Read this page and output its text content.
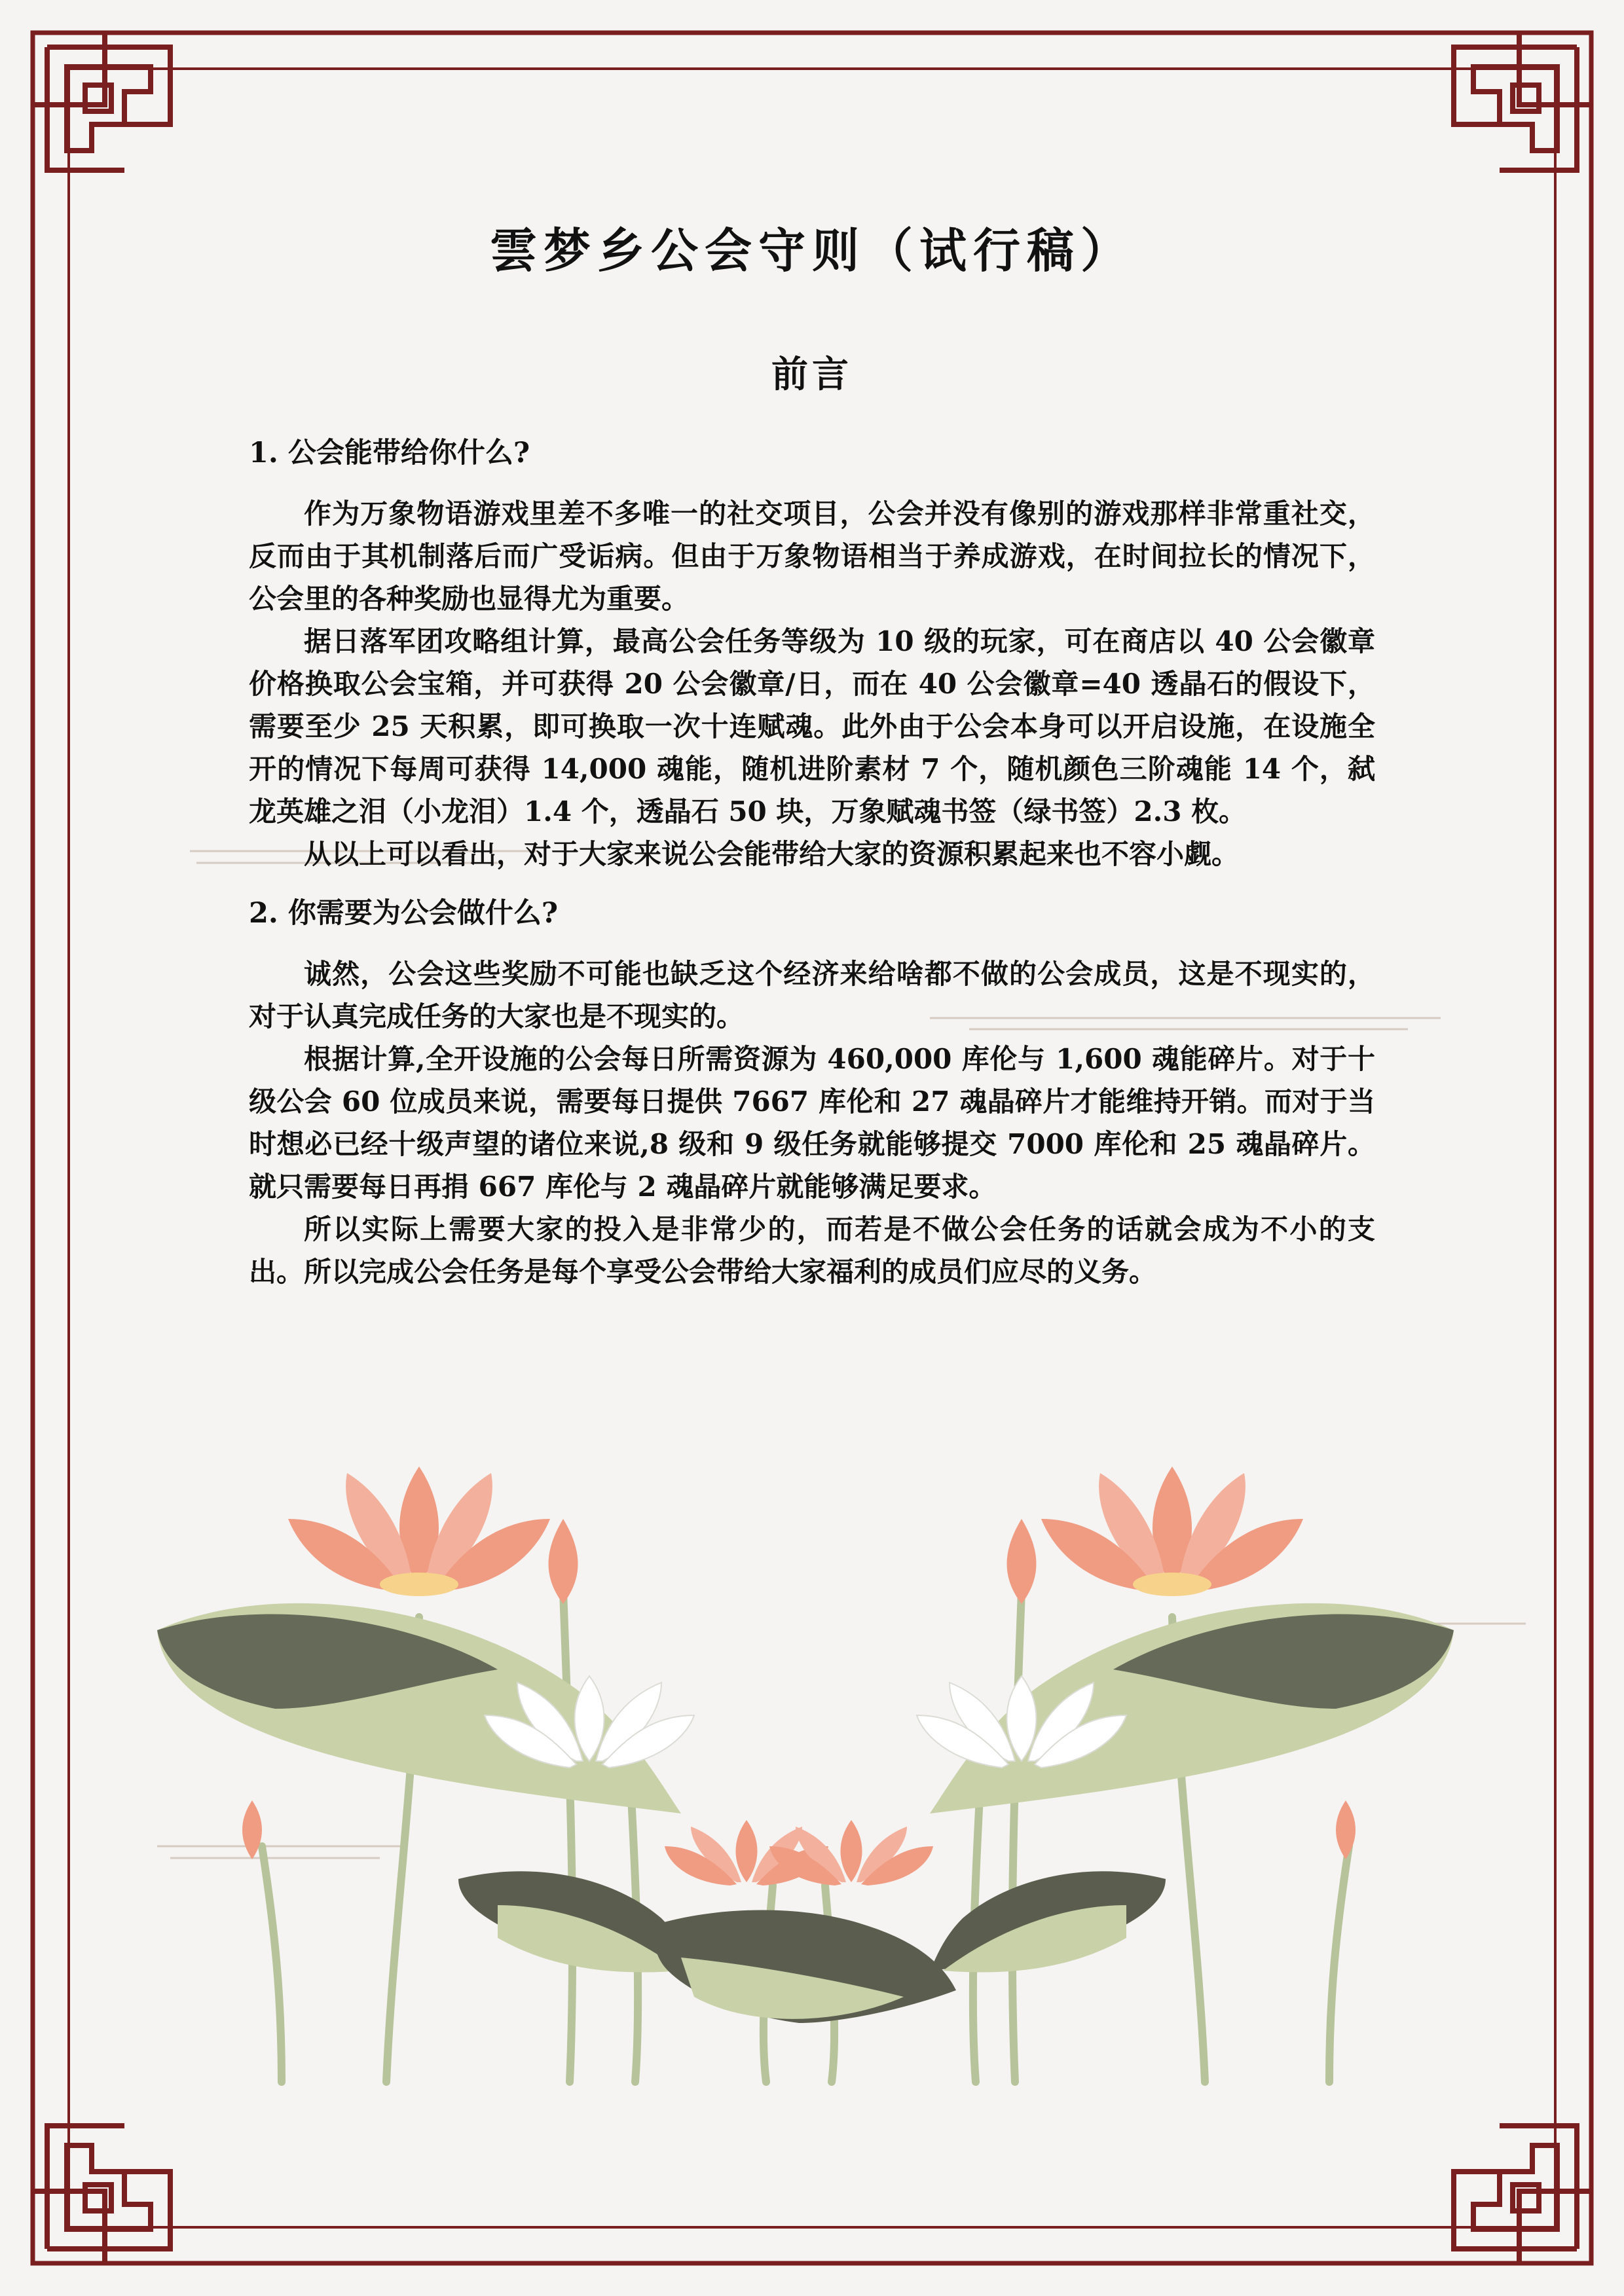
雲梦乡公会守则（试行稿）
前言
1. 公会能带给你什么?

作为万象物语游戏里差不多唯一的社交项目，公会并没有像别的游戏那样非常重社交，反而由于其机制落后而广受诟病。但由于万象物语相当于养成游戏，在时间拉长的情况下，公会里的各种奖励也显得尤为重要。

据日落军团攻略组计算，最高公会任务等级为 10 级的玩家，可在商店以 40 公会徽章价格换取公会宝箱，并可获得 20 公会徽章/日，而在 40 公会徽章=40 透晶石的假设下，需要至少 25 天积累，即可换取一次十连赋魂。此外由于公会本身可以开启设施，在设施全开的情况下每周可获得 14,000 魂能，随机进阶素材 7 个，随机颜色三阶魂能 14 个，弑龙英雄之泪（小龙泪）1.4 个，透晶石 50 块，万象赋魂书签（绿书签）2.3 枚。

从以上可以看出，对于大家来说公会能带给大家的资源积累起来也不容小觑。

2. 你需要为公会做什么?

诚然，公会这些奖励不可能也缺乏这个经济来给啥都不做的公会成员，这是不现实的，对于认真完成任务的大家也是不现实的。

根据计算,全开设施的公会每日所需资源为 460,000 库伦与 1,600 魂能碎片。对于十级公会 60 位成员来说，需要每日提供 7667 库伦和 27 魂晶碎片才能维持开销。而对于当时想必已经十级声望的诸位来说,8 级和 9 级任务就能够提交 7000 库伦和 25 魂晶碎片。就只需要每日再捐 667 库伦与 2 魂晶碎片就能够满足要求。

所以实际上需要大家的投入是非常少的，而若是不做公会任务的话就会成为不小的支出。所以完成公会任务是每个享受公会带给大家福利的成员们应尽的义务。
